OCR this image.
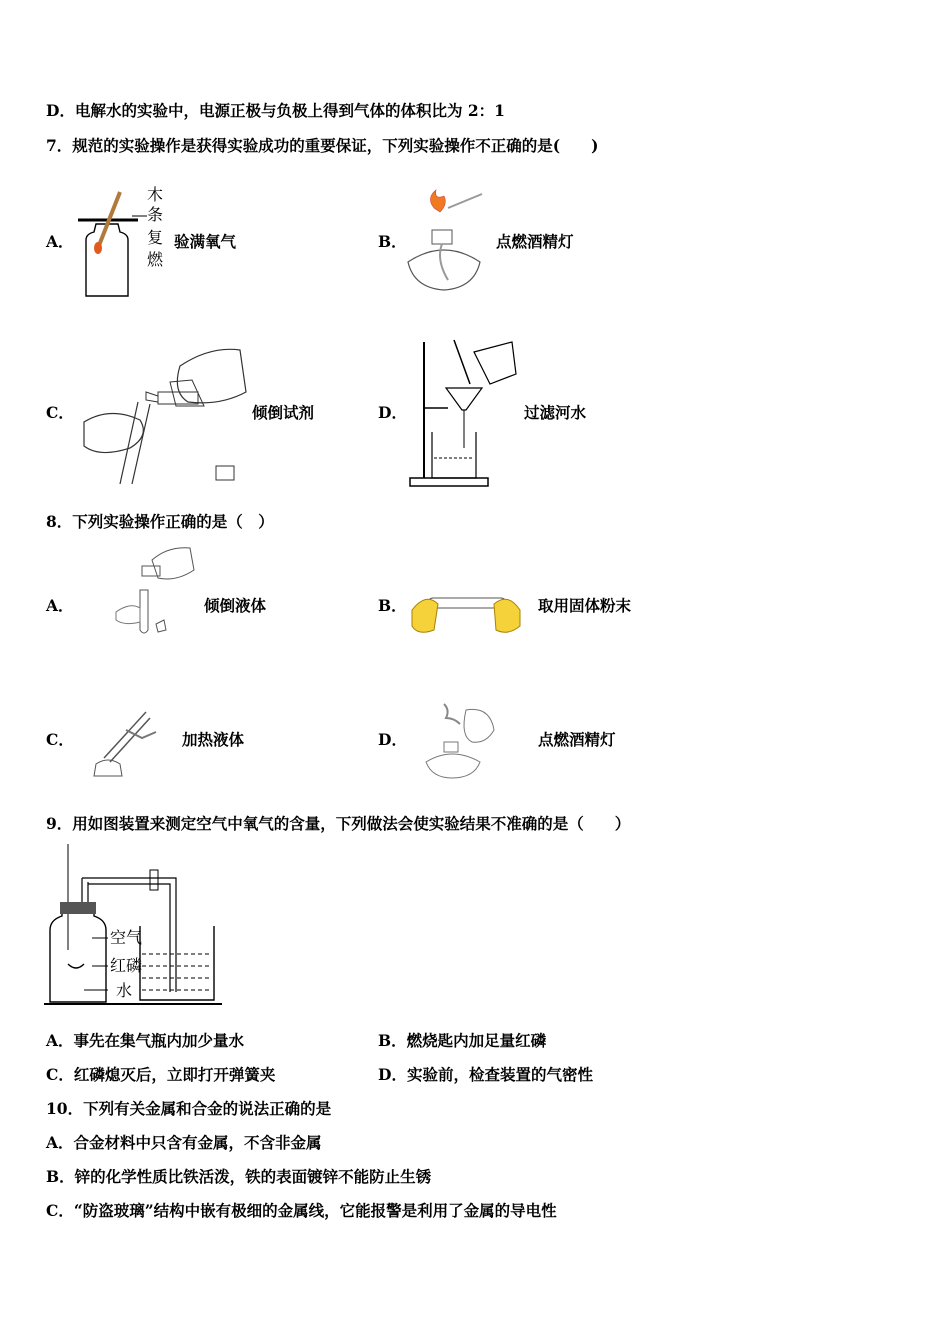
D．电解水的实验中，电源正极与负极上得到气体的体积比为 2：1
7．规范的实验操作是获得实验成功的重要保证，下列实验操作不正确的是(　　)
A．
木
条
复
燃
验满氧气	B．	点燃酒精灯
C．	倾倒试剂	D．	过滤河水
8．下列实验操作正确的是（　）
A．	倾倒液体	B．	取用固体粉末
C．	加热液体	D．	点燃酒精灯
9．用如图装置来测定空气中氧气的含量，下列做法会使实验结果不准确的是（　　）
空气
红磷
水
A．事先在集气瓶内加少量水	B．燃烧匙内加足量红磷
C．红磷熄灭后，立即打开弹簧夹	D．实验前，检查装置的气密性
10．下列有关金属和合金的说法正确的是
A．合金材料中只含有金属，不含非金属
B．锌的化学性质比铁活泼，铁的表面镀锌不能防止生锈
C．“防盗玻璃”结构中嵌有极细的金属线，它能报警是利用了金属的导电性
